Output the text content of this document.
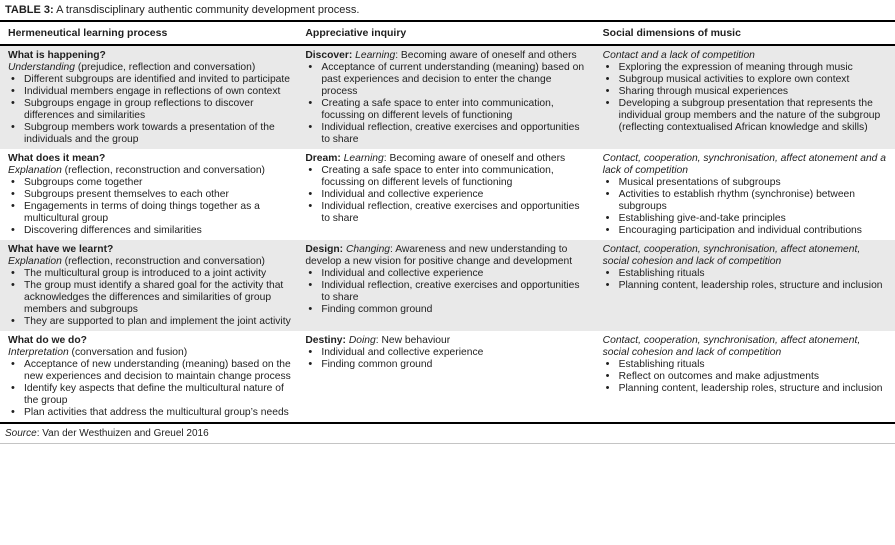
TABLE 3: A transdisciplinary authentic community development process.
Hermeneutical learning process	Appreciative inquiry	Social dimensions of music
What is happening?
Understanding (prejudice, reflection and conversation)
• Different subgroups are identified and invited to participate
• Individual members engage in reflections of own context
• Subgroups engage in group reflections to discover differences and similarities
• Subgroup members work towards a presentation of the individuals and the group
Discover: Learning: Becoming aware of oneself and others
• Acceptance of current understanding (meaning) based on past experiences and decision to enter the change process
• Creating a safe space to enter into communication, focussing on different levels of functioning
• Individual reflection, creative exercises and opportunities to share
Contact and a lack of competition
• Exploring the expression of meaning through music
• Subgroup musical activities to explore own context
• Sharing through musical experiences
• Developing a subgroup presentation that represents the individual group members and the nature of the subgroup (reflecting contextualised African knowledge and skills)
What does it mean?
Explanation (reflection, reconstruction and conversation)
• Subgroups come together
• Subgroups present themselves to each other
• Engagements in terms of doing things together as a multicultural group
• Discovering differences and similarities
Dream: Learning: Becoming aware of oneself and others
• Creating a safe space to enter into communication, focussing on different levels of functioning
• Individual and collective experience
• Individual reflection, creative exercises and opportunities to share
Contact, cooperation, synchronisation, affect atonement and a lack of competition
• Musical presentations of subgroups
• Activities to establish rhythm (synchronise) between subgroups
• Establishing give-and-take principles
• Encouraging participation and individual contributions
What have we learnt?
Explanation (reflection, reconstruction and conversation)
• The multicultural group is introduced to a joint activity
• The group must identify a shared goal for the activity that acknowledges the differences and similarities of group members and subgroups
• They are supported to plan and implement the joint activity
Design: Changing: Awareness and new understanding to develop a new vision for positive change and development
• Individual and collective experience
• Individual reflection, creative exercises and opportunities to share
• Finding common ground
Contact, cooperation, synchronisation, affect atonement, social cohesion and lack of competition
• Establishing rituals
• Planning content, leadership roles, structure and inclusion
What do we do?
Interpretation (conversation and fusion)
• Acceptance of new understanding (meaning) based on the new experiences and decision to maintain change process
• Identify key aspects that define the multicultural nature of the group
• Plan activities that address the multicultural group’s needs
Destiny: Doing: New behaviour
• Individual and collective experience
• Finding common ground
Contact, cooperation, synchronisation, affect atonement, social cohesion and lack of competition
• Establishing rituals
• Reflect on outcomes and make adjustments
• Planning content, leadership roles, structure and inclusion
Source: Van der Westhuizen and Greuel 2016
